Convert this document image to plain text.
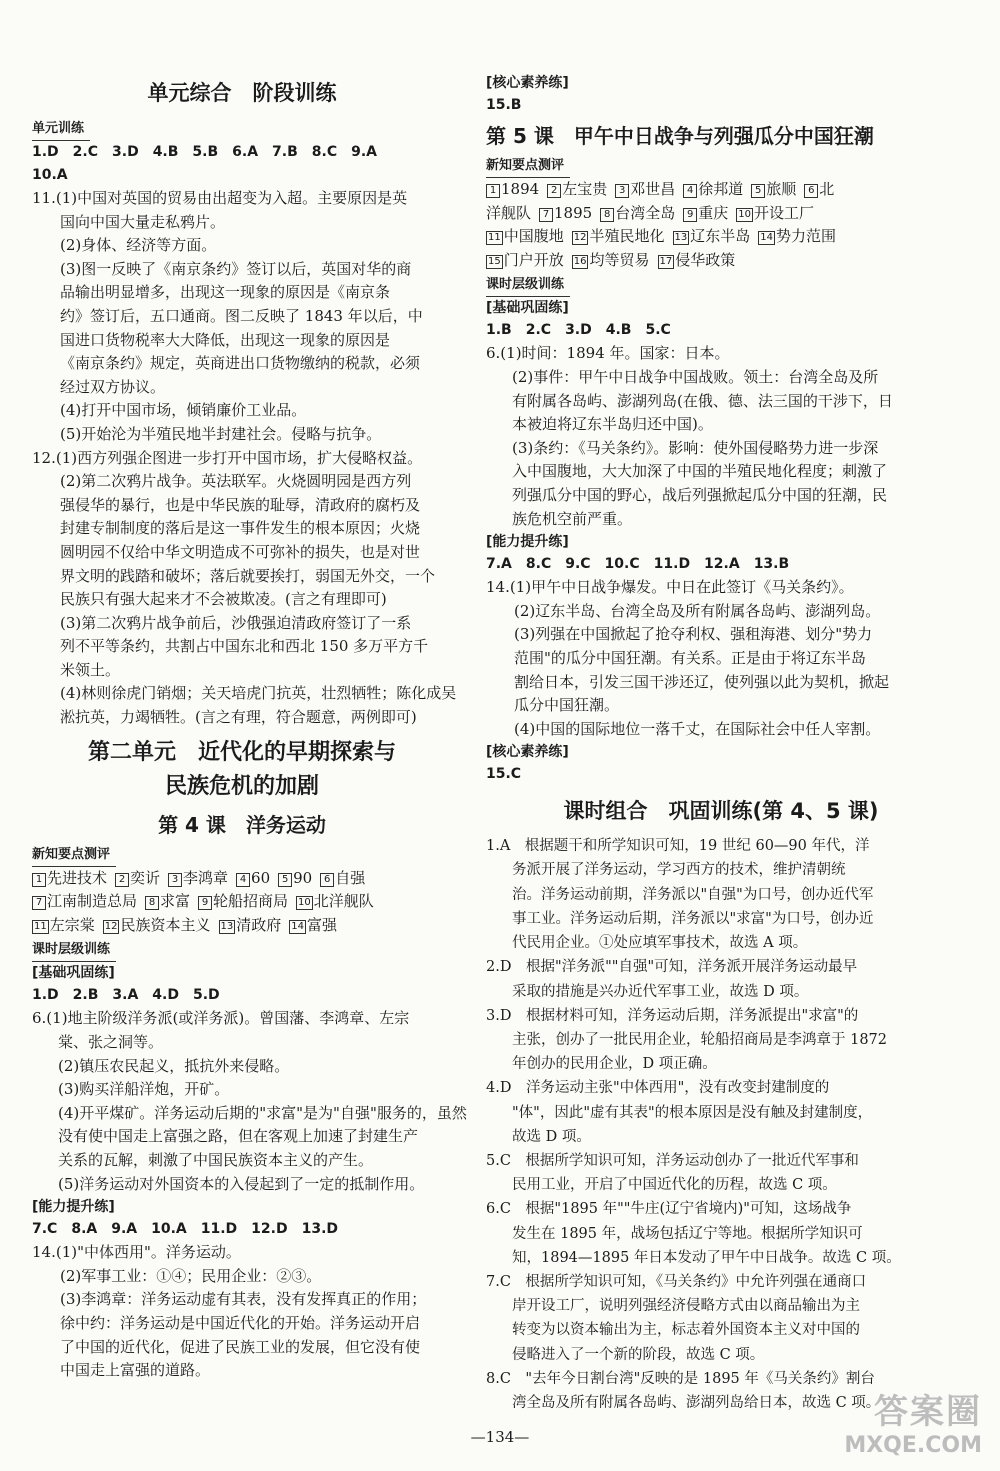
单元综合　阶段训练
单元训练
1.D　2.C　3.D　4.B　5.B　6.A　7.B　8.C　9.A
10.A
11.(1)中国对英国的贸易由出超变为入超。主要原因是英
国向中国大量走私鸦片。
(2)身体、经济等方面。
(3)图一反映了《南京条约》签订以后，英国对华的商
品输出明显增多，出现这一现象的原因是《南京条
约》签订后，五口通商。图二反映了 1843 年以后，中
国进口货物税率大大降低，出现这一现象的原因是
《南京条约》规定，英商进出口货物缴纳的税款，必须
经过双方协议。
(4)打开中国市场，倾销廉价工业品。
(5)开始沦为半殖民地半封建社会。侵略与抗争。
12.(1)西方列强企图进一步打开中国市场，扩大侵略权益。
(2)第二次鸦片战争。英法联军。火烧圆明园是西方列
强侵华的暴行，也是中华民族的耻辱，清政府的腐朽及
封建专制制度的落后是这一事件发生的根本原因；火烧
圆明园不仅给中华文明造成不可弥补的损失，也是对世
界文明的践踏和破坏；落后就要挨打，弱国无外交，一个
民族只有强大起来才不会被欺凌。(言之有理即可)
(3)第二次鸦片战争前后，沙俄强迫清政府签订了一系
列不平等条约，共割占中国东北和西北 150 多万平方千
米领土。
(4)林则徐虎门销烟；关天培虎门抗英，壮烈牺牲；陈化成吴
淞抗英，力竭牺牲。(言之有理，符合题意，两例即可)
第二单元　近代化的早期探索与
民族危机的加剧
第 4 课　洋务运动
新知要点测评
1 先进技术 2 奕䜣 3 李鸿章 4 60 5 90 6 自强
7 江南制造总局 8 求富 9 轮船招商局 10 北洋舰队
11 左宗棠 12 民族资本主义 13 清政府 14 富强
课时层级训练
[基础巩固练]
1.D　2.B　3.A　4.D　5.D
6.(1)地主阶级洋务派(或洋务派)。曾国藩、李鸿章、左宗
棠、张之洞等。
(2)镇压农民起义，抵抗外来侵略。
(3)购买洋船洋炮，开矿。
(4)开平煤矿。洋务运动后期的"求富"是为"自强"服务的，虽然
没有使中国走上富强之路，但在客观上加速了封建生产
关系的瓦解，刺激了中国民族资本主义的产生。
(5)洋务运动对外国资本的入侵起到了一定的抵制作用。
[能力提升练]
7.C　8.A　9.A　10.A　11.D　12.D　13.D
14.(1)"中体西用"。洋务运动。
(2)军事工业：①④；民用企业：②③。
(3)李鸿章：洋务运动虚有其表，没有发挥真正的作用；
徐中约：洋务运动是中国近代化的开始。洋务运动开启
了中国的近代化，促进了民族工业的发展，但它没有使
中国走上富强的道路。
[核心素养练]
15.B
第 5 课　甲午中日战争与列强瓜分中国狂潮
新知要点测评
1 1894 2 左宝贵 3 邓世昌 4 徐邦道 5 旅顺 6 北
洋舰队 7 1895 8 台湾全岛 9 重庆 10 开设工厂
11 中国腹地 12 半殖民地化 13 辽东半岛 14 势力范围
15 门户开放 16 均等贸易 17 侵华政策
课时层级训练
[基础巩固练]
1.B　2.C　3.D　4.B　5.C
6.(1)时间：1894 年。国家：日本。
(2)事件：甲午中日战争中国战败。领土：台湾全岛及所
有附属各岛屿、澎湖列岛(在俄、德、法三国的干涉下，日
本被迫将辽东半岛归还中国)。
(3)条约：《马关条约》。影响：使外国侵略势力进一步深
入中国腹地，大大加深了中国的半殖民地化程度；刺激了
列强瓜分中国的野心，战后列强掀起瓜分中国的狂潮，民
族危机空前严重。
[能力提升练]
7.A　8.C　9.C　10.C　11.D　12.A　13.B
14.(1)甲午中日战争爆发。中日在此签订《马关条约》。
(2)辽东半岛、台湾全岛及所有附属各岛屿、澎湖列岛。
(3)列强在中国掀起了抢夺利权、强租海港、划分"势力
范围"的瓜分中国狂潮。有关系。正是由于将辽东半岛
割给日本，引发三国干涉还辽，使列强以此为契机，掀起
瓜分中国狂潮。
(4)中国的国际地位一落千丈，在国际社会中任人宰割。
[核心素养练]
15.C
课时组合　巩固训练(第 4、5 课)
1.A　根据题干和所学知识可知，19 世纪 60—90 年代，洋
务派开展了洋务运动，学习西方的技术，维护清朝统
治。洋务运动前期，洋务派以"自强"为口号，创办近代军
事工业。洋务运动后期，洋务派以"求富"为口号，创办近
代民用企业。①处应填军事技术，故选 A 项。
2.D　根据"洋务派""自强"可知，洋务派开展洋务运动最早
采取的措施是兴办近代军事工业，故选 D 项。
3.D　根据材料可知，洋务运动后期，洋务派提出"求富"的
主张，创办了一批民用企业，轮船招商局是李鸿章于 1872
年创办的民用企业，D 项正确。
4.D　洋务运动主张"中体西用"，没有改变封建制度的
"体"，因此"虚有其表"的根本原因是没有触及封建制度，
故选 D 项。
5.C　根据所学知识可知，洋务运动创办了一批近代军事和
民用工业，开启了中国近代化的历程，故选 C 项。
6.C　根据"1895 年""牛庄(辽宁省境内)"可知，这场战争
发生在 1895 年，战场包括辽宁等地。根据所学知识可
知，1894—1895 年日本发动了甲午中日战争。故选 C 项。
7.C　根据所学知识可知，《马关条约》中允许列强在通商口
岸开设工厂，说明列强经济侵略方式由以商品输出为主
转变为以资本输出为主，标志着外国资本主义对中国的
侵略进入了一个新的阶段，故选 C 项。
8.C　"去年今日割台湾"反映的是 1895 年《马关条约》割台
湾全岛及所有附属各岛屿、澎湖列岛给日本，故选 C 项。
—134—
答案圈
MXQE.COM
